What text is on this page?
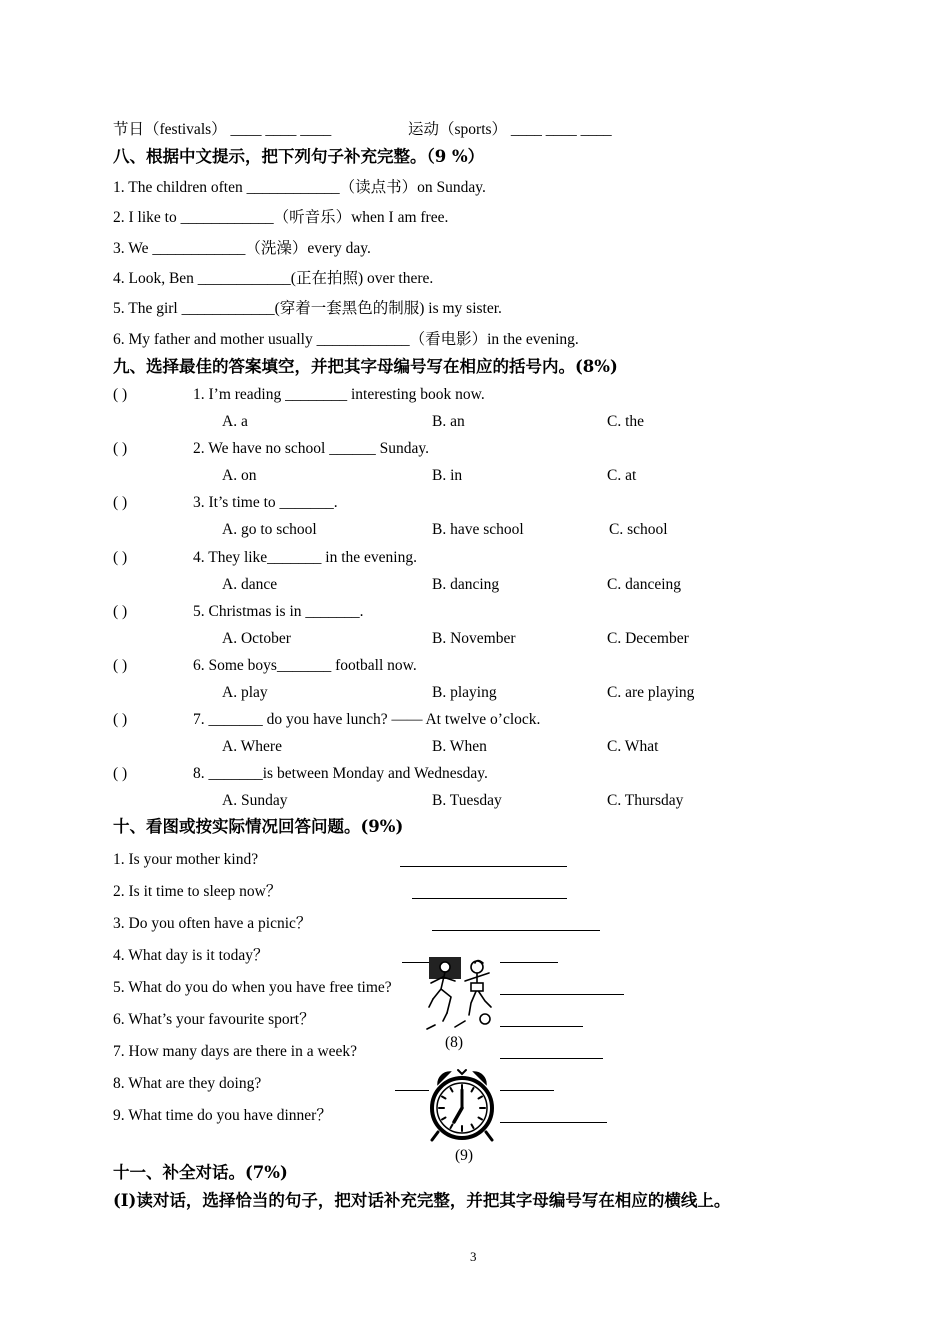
节日（festivals） ____ ____ ____	运动（sports） ____ ____ ____
八、根据中文提示，把下列句子补充完整。（9 %）
1. The children often ____________（读点书）on Sunday.
2. I like to ____________（听音乐）when I am free.
3. We ____________（洗澡）every day.
4. Look, Ben ____________(正在拍照) over there.
5. The girl ____________(穿着一套黑色的制服) is my sister.
6. My father and mother usually ____________（看电影）in the evening.
九、选择最佳的答案填空，并把其字母编号写在相应的括号内。(8%)
( )	1. I’m reading ________ interesting book now.
A. a	B. an	C. the
( )	2. We have no school ______ Sunday.
A. on	B. in	C. at
( )	3. It’s time to _______.
A. go to school	B. have school	C. school
( )	4. They like_______ in the evening.
A. dance	B. dancing	C. danceing
( )	5. Christmas is in _______.
A. October	B. November	C. December
( )	6. Some boys_______ football now.
A. play	B. playing	C. are playing
( )	7. _______ do you have lunch? —— At twelve o’clock.
A. Where	B. When	C. What
( )	8. _______is between Monday and Wednesday.
A. Sunday	B. Tuesday	C. Thursday
十、看图或按实际情况回答问题。(9%)
1. Is your mother kind?
2. Is it time to sleep now？
3. Do you often have a picnic？
4. What day is it today？
5. What do you do when you have free time?
6. What’s your favourite sport？
7. How many days are there in a week?
8. What are they doing?
9. What time do you have dinner？
(8)
(9)
十一、补全对话。(7%)
(Ⅰ)读对话，选择恰当的句子，把对话补充完整，并把其字母编号写在相应的横线上。
3
